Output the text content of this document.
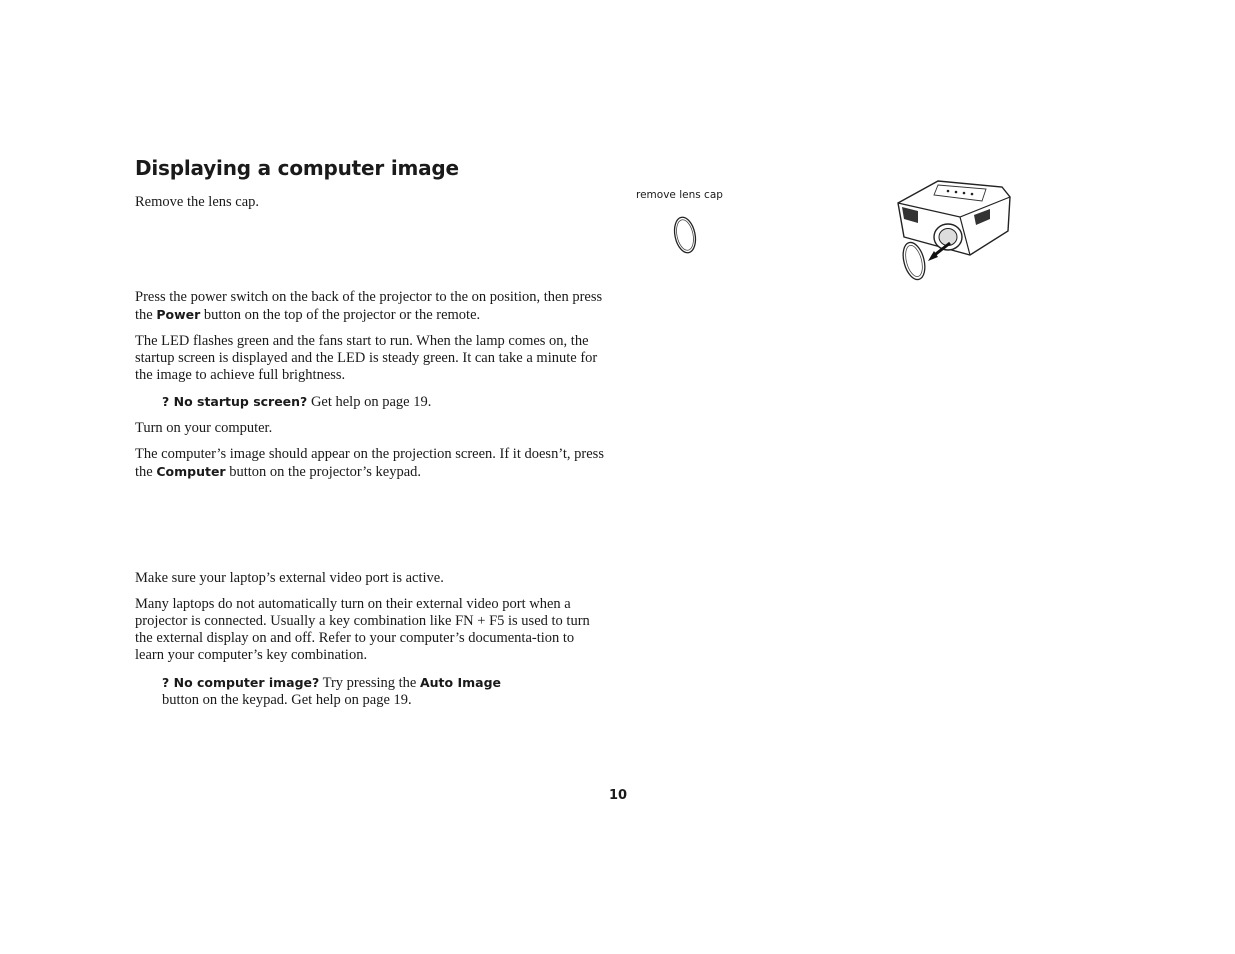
Displaying a computer image

Remove the lens cap.

Press the power switch on the back of the projector to the on position, then press the Power button on the top of the projector or the remote.

The LED flashes green and the fans start to run. When the lamp comes on, the startup screen is displayed and the LED is steady green. It can take a minute for the image to achieve full brightness.

? No startup screen? Get help on page 19.

Turn on your computer.

The computer’s image should appear on the projection screen. If it doesn’t, press the Computer button on the projector’s keypad.

Make sure your laptop’s external video port is active.

Many laptops do not automatically turn on their external video port when a projector is connected. Usually a key combination like FN + F5 is used to turn the external display on and off. Refer to your computer’s documenta-tion to learn your computer’s key combination.

? No computer image? Try pressing the Auto Image
button on the keypad. Get help on page 19.

remove lens cap
10
